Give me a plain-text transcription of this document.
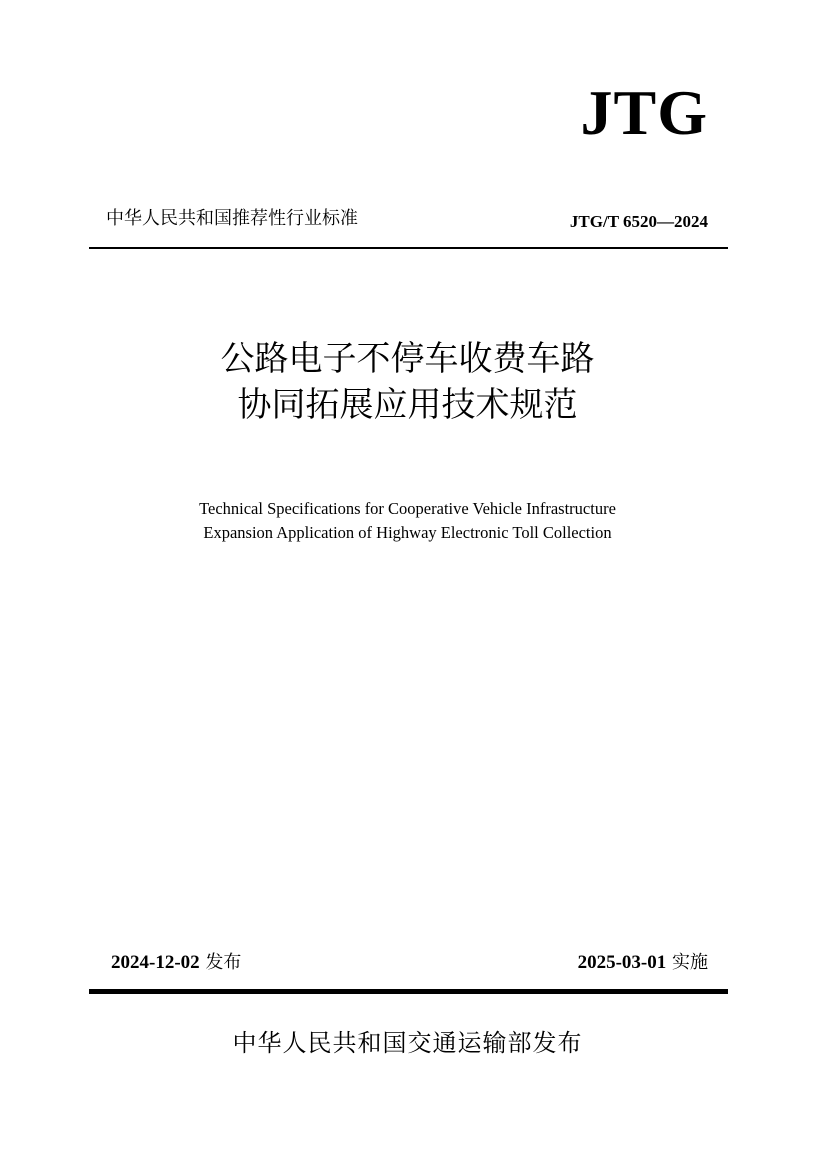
JTG
中华人民共和国推荐性行业标准	JTG/T 6520—2024
公路电子不停车收费车路
协同拓展应用技术规范
Technical Specifications for Cooperative Vehicle Infrastructure
Expansion Application of Highway Electronic Toll Collection
2024-12-02 发布	2025-03-01 实施
中华人民共和国交通运输部发布
